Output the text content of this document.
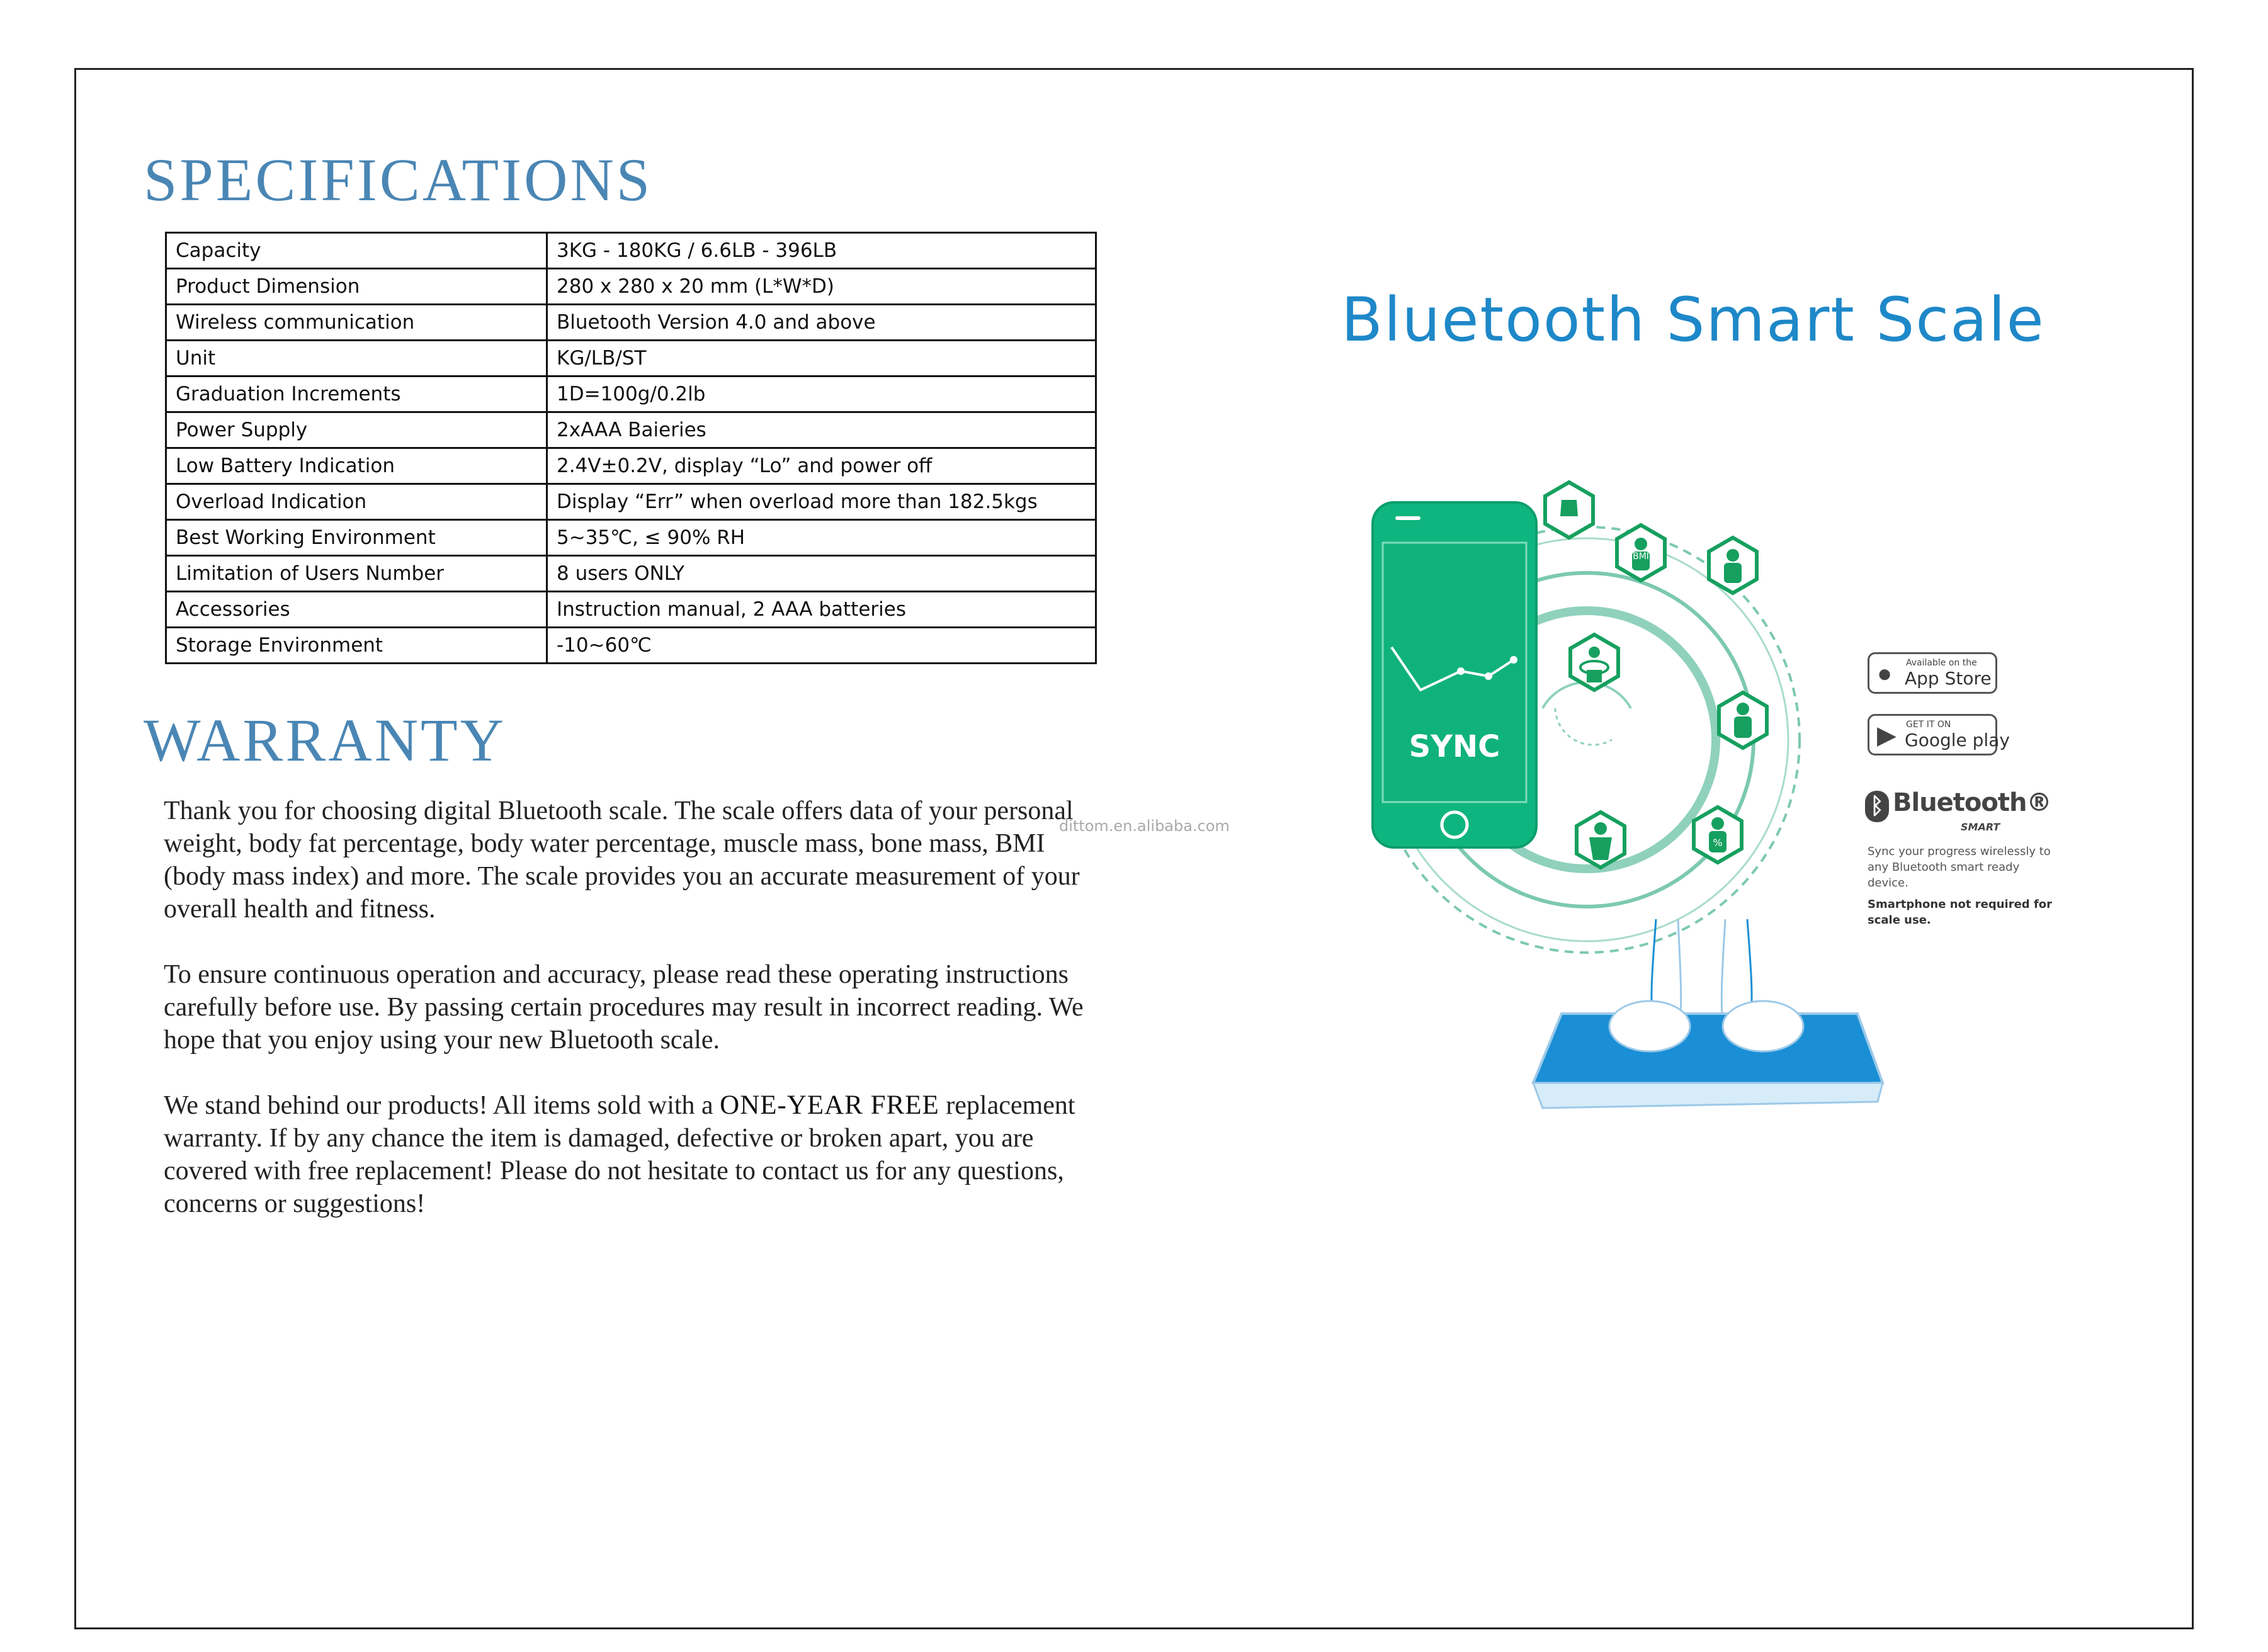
SPECIFICATIONS
Capacity	3KG - 180KG / 6.6LB - 396LB
Product Dimension	280 x 280 x 20 mm (L*W*D)
Wireless communication	Bluetooth Version 4.0 and above
Unit	KG/LB/ST
Graduation Increments	1D=100g/0.2lb
Power Supply	2xAAA Baieries
Low Battery Indication	2.4V±0.2V, display “Lo” and power off
Overload Indication	Display “Err” when overload more than 182.5kgs
Best Working Environment	5~35℃, ≤ 90% RH
Limitation of Users Number	8 users ONLY
Accessories	Instruction manual, 2 AAA batteries
Storage Environment	-10~60℃
WARRANTY

Thank you for choosing digital Bluetooth scale. The scale offers data of your personal weight, body fat percentage, body water percentage, muscle mass, bone mass, BMI (body mass index) and more. The scale provides you an accurate measurement of your overall health and fitness.

To ensure continuous operation and accuracy, please read these operating instructions carefully before use. By passing certain procedures may result in incorrect reading. We hope that you enjoy using your new Bluetooth scale.

We stand behind our products! All items sold with a ONE-YEAR FREE replacement warranty. If by any chance the item is damaged, defective or broken apart, you are covered with free replacement! Please do not hesitate to contact us for any questions, concerns or suggestions!

dittom.en.alibaba.com
Bluetooth Smart Scale
BMI
%
SYNC
● Available on the
App Store
▶ GET IT ON
Google play
ᛒ Bluetooth®
SMART
Sync your progress wirelessly to any Bluetooth smart ready device.
Smartphone not required for scale use.
